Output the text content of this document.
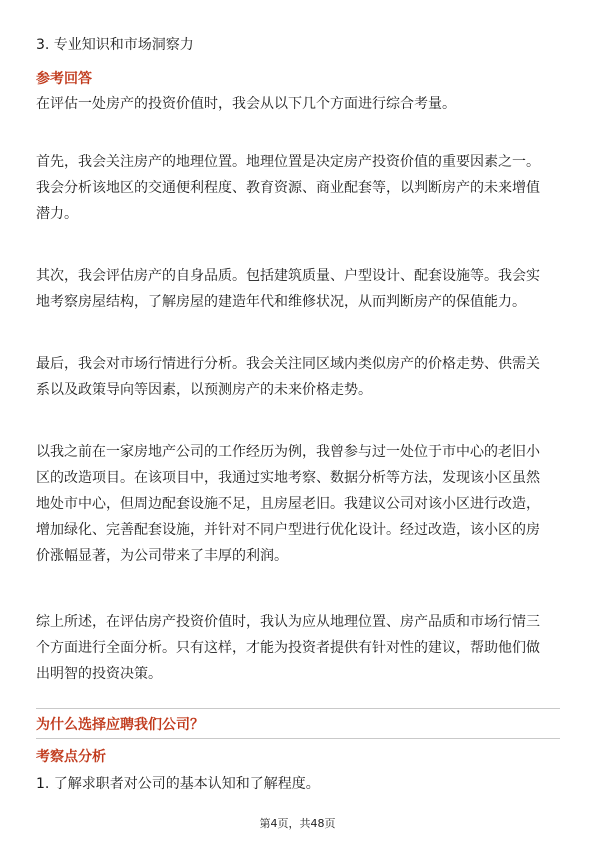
3. 专业知识和市场洞察力
参考回答

在评估一处房产的投资价值时，我会从以下几个方面进行综合考量。

首先，我会关注房产的地理位置。地理位置是决定房产投资价值的重要因素之一。

我会分析该地区的交通便利程度、教育资源、商业配套等，以判断房产的未来增值

潜力。

其次，我会评估房产的自身品质。包括建筑质量、户型设计、配套设施等。我会实

地考察房屋结构，了解房屋的建造年代和维修状况，从而判断房产的保值能力。

最后，我会对市场行情进行分析。我会关注同区域内类似房产的价格走势、供需关

系以及政策导向等因素，以预测房产的未来价格走势。

以我之前在一家房地产公司的工作经历为例，我曾参与过一处位于市中心的老旧小

区的改造项目。在该项目中，我通过实地考察、数据分析等方法，发现该小区虽然

地处市中心，但周边配套设施不足，且房屋老旧。我建议公司对该小区进行改造，

增加绿化、完善配套设施，并针对不同户型进行优化设计。经过改造，该小区的房

价涨幅显著，为公司带来了丰厚的利润。

综上所述，在评估房产投资价值时，我认为应从地理位置、房产品质和市场行情三

个方面进行全面分析。只有这样，才能为投资者提供有针对性的建议，帮助他们做

出明智的投资决策。

为什么选择应聘我们公司？
考察点分析
1. 了解求职者对公司的基本认知和了解程度。
第4页，共48页
